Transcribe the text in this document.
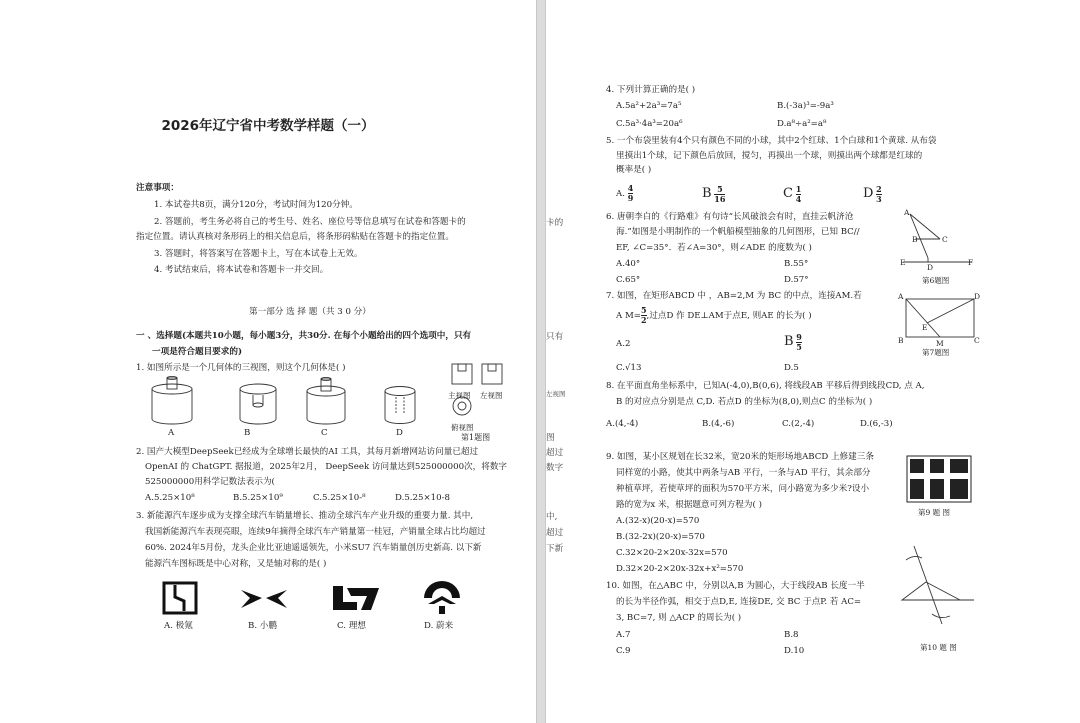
2026年辽宁省中考数学样题（一）
注意事项：
1. 本试卷共8页，满分120分，考试时间为120分钟。
2. 答题前，考生务必将自己的考生号、姓名、座位号等信息填写在试卷和答题卡的
指定位置。请认真核对条形码上的相关信息后，将条形码粘贴在答题卡的指定位置。
3. 答题时，将答案写在答题卡上，写在本试卷上无效。
4. 考试结束后，将本试卷和答题卡一并交回。
第一部分 选 择 题（共 3 0 分）
一 、选择题(本题共10小题，每小题3分，共30分. 在每个小题给出的四个选项中，只有
一项是符合题目要求的)
1. 如图所示是一个几何体的三视图，则这个几何体是( )
A	B	C	D
主视图 左视图
俯视图
第1题图
2. 国产大模型DeepSeek已经成为全球增长最快的AI 工具，其每月新增网站访问量已超过
OpenAI 的 ChatGPT. 据报道，2025年2月， DeepSeek 访问量达到525000000次，将数字
525000000用科学记数法表示为(
A.5.25×10⁸	B.5.25×10⁹	C.5.25×10-⁸	D.5.25×10-8
3. 新能源汽车逐步成为支撑全球汽车销量增长、推动全球汽车产业升级的重要力量. 其中,
我国新能源汽车表现亮眼，连续9年摘得全球汽车产销量第一桂冠，产销量全球占比均超过
60%. 2024年5月份，龙头企业比亚迪遥遥领先，小米SU7 汽车销量创历史新高. 以下新
能源汽车图标既是中心对称，又是轴对称的是( )
A. 极氪	B. 小鹏	C. 理想	D. 蔚来
卡的
只有
左视图
图
超过
数字
中,
超过
下新
4. 下列计算正确的是( )
A.5a²+2a³=7a⁵	B.(-3a)³=-9a³
C.5a³·4a³=20a⁶	D.a⁸÷a²=a⁸
5. 一个布袋里装有4个只有颜色不同的小球，其中2个红球、1个白球和1个黄球. 从布袋
里摸出1个球，记下颜色后放回，搅匀，再摸出一个球，则摸出两个球都是红球的
概率是( )
A. $\frac{4}{9}$	B $\frac{5}{16}$	C $\frac{1}{4}$	D $\frac{2}{3}$
6. 唐朝李白的《行路难》有句诗“长风破浪会有时，直挂云帆济沧
海.”如图是小明制作的一个帆船模型抽象的几何图形，已知 BC//
EF, ∠C=35°．若∠A=30°，则∠ADE 的度数为( )
A.40°	B.55°
C.65°	D.57°
A
B	C
E
D
F
第6题图
7. 如图，在矩形ABCD 中 ，AB=2,M 为 BC 的中点，连接AM.若
A $M= \frac{5}{2}$ ,过点D 作 DE⊥AM于点E, 则AE 的长为( )
A.2	B $\frac{9}{5}$
C.√13	D.5
A	D
E
B	M	C
第7题图
8. 在平面直角坐标系中，已知A(-4,0),B(0,6), 将线段AB 平移后得到线段CD, 点 A,
B 的对应点分别是点 C,D. 若点D 的坐标为(8,0),则点C 的坐标为( )
A.(4,-4)	B.(4,-6)	C.(2,-4)	D.(6,-3)
9. 如图，某小区规划在长32米，宽20米的矩形场地ABCD 上修建三条
同样宽的小路，使其中两条与AB 平行，一条与AD 平行，其余部分
种植草坪，若使草坪的面积为570平方米，问小路宽为多少米?设小
路的宽为x 米，根据题意可列方程为( )
A.(32-x)(20-x)=570
B.(32-2x)(20-x)=570
C.32×20-2×20x-32x=570
D.32×20-2×20x-32x+x²=570
第9 题 图
10. 如图，在△ABC 中，分别以A,B 为圆心，大于线段AB 长度一半
的长为半径作弧，相交于点D,E, 连接DE, 交 BC 于点P. 若 AC=
3, BC=7, 则 △ACP 的周长为( )
A.7	B.8
C.9	D.10	第10 题 图
